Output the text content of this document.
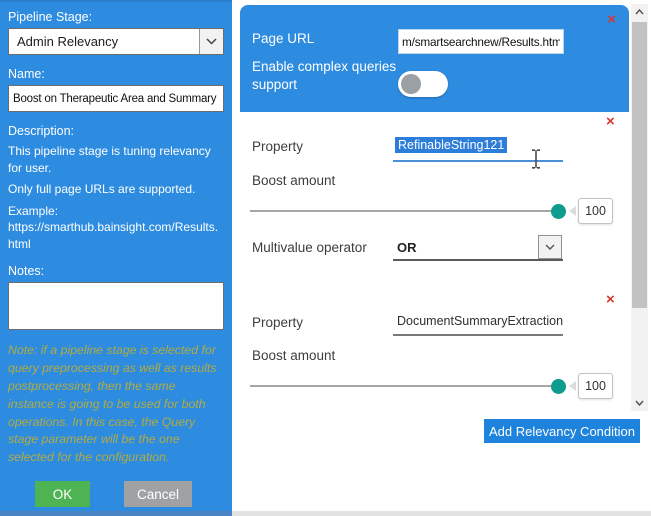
Pipeline Stage:
Admin Relevancy
Name:
Boost on Therapeutic Area and Summary
Description:

This pipeline stage is tuning relevancy for user.

Only full page URLs are supported.

Example: https://smarthub.bainsight.com/Results.html

Notes:

Note: if a pipeline stage is selected for query preprocessing as well as results postprocessing, then the same instance is going to be used for both operations. In this case, the Query stage parameter will be the one selected for the configuration.

OK	Cancel
×
Page URL
m/smartsearchnew/Results.html
Enable complex queries support
×
Property	RefinableString121
Boost amount
100
Multivalue operator OR
×
Property	DocumentSummaryExtraction
Boost amount
100
Add Relevancy Condition
